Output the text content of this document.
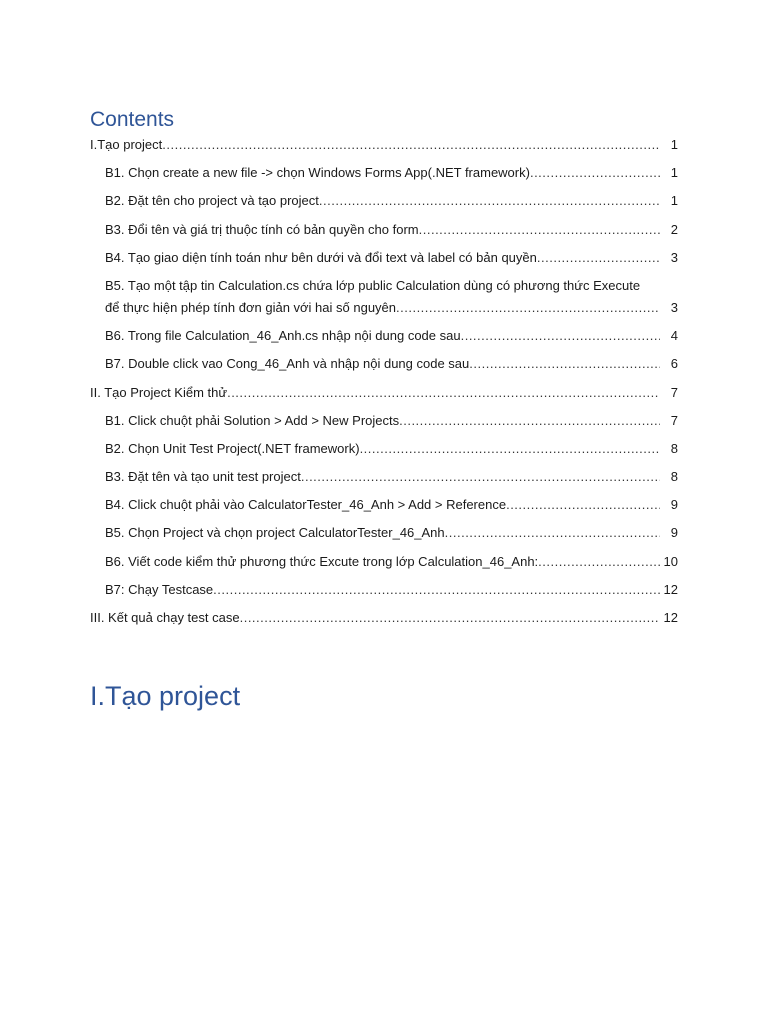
Contents
I.Tạo project .....	1
B1. Chọn create a new file -> chọn Windows Forms App(.NET framework) .....	1
B2. Đặt tên cho project và tạo project .....	1
B3. Đổi tên và giá trị thuộc tính có bản quyền cho form .....	2
B4. Tạo giao diện tính toán như bên dưới và đổi text và label có bản quyền .....	3
B5. Tạo một tập tin Calculation.cs chứa lớp public Calculation dùng có phương thức Execute
để thực hiện phép tính đơn giản với hai số nguyên .....	3
B6. Trong file Calculation_46_Anh.cs nhập nội dung code sau .....	4
B7. Double click vao Cong_46_Anh và nhập nội dung code sau .....	6
II. Tạo Project Kiểm thử .....	7
B1. Click chuột phải Solution > Add > New Projects .....	7
B2. Chọn Unit Test Project(.NET framework) .....	8
B3. Đặt tên và tạo unit test project .....	8
B4. Click chuột phải vào CalculatorTester_46_Anh > Add > Reference .....	9
B5. Chọn Project và chọn project CalculatorTester_46_Anh .....	9
B6. Viết code kiểm thử phương thức Excute trong lớp Calculation_46_Anh: .....	10
B7: Chạy Testcase .....	12
III. Kết quả chạy test case .....	12
I.Tạo project
